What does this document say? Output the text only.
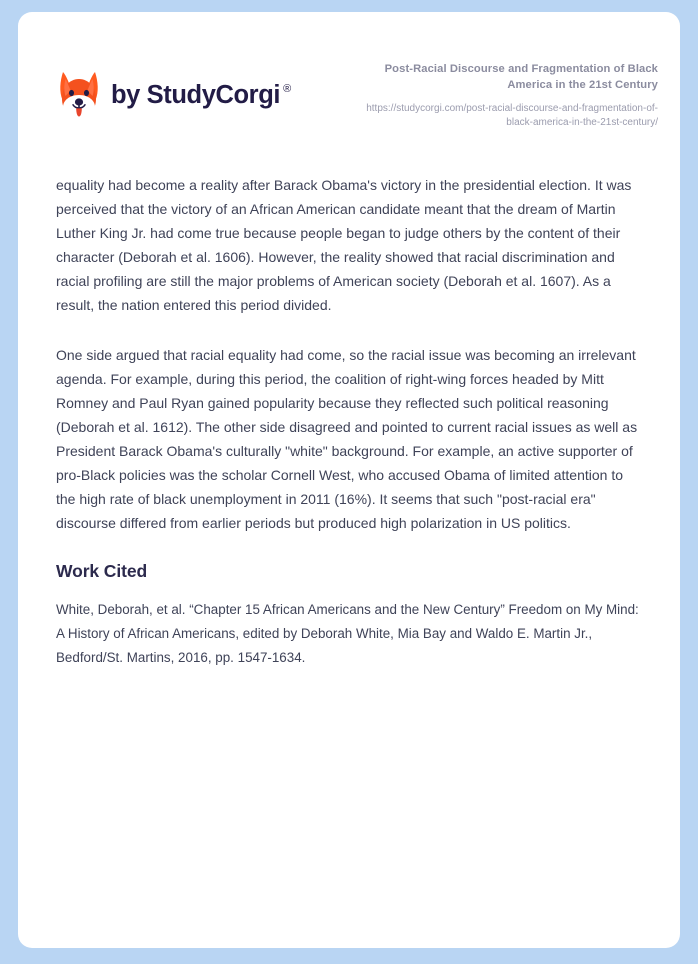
by StudyCorgi ®

Post-Racial Discourse and Fragmentation of Black America in the 21st Century

https://studycorgi.com/post-racial-discourse-and-fragmentation-of-black-america-in-the-21st-century/

equality had become a reality after Barack Obama's victory in the presidential election. It was perceived that the victory of an African American candidate meant that the dream of Martin Luther King Jr. had come true because people began to judge others by the content of their character (Deborah et al. 1606). However, the reality showed that racial discrimination and racial profiling are still the major problems of American society (Deborah et al. 1607). As a result, the nation entered this period divided.

One side argued that racial equality had come, so the racial issue was becoming an irrelevant agenda. For example, during this period, the coalition of right-wing forces headed by Mitt Romney and Paul Ryan gained popularity because they reflected such political reasoning (Deborah et al. 1612). The other side disagreed and pointed to current racial issues as well as President Barack Obama's culturally "white" background. For example, an active supporter of pro-Black policies was the scholar Cornell West, who accused Obama of limited attention to the high rate of black unemployment in 2011 (16%). It seems that such "post-racial era" discourse differed from earlier periods but produced high polarization in US politics.

Work Cited

White, Deborah, et al. “Chapter 15 African Americans and the New Century” Freedom on My Mind: A History of African Americans, edited by Deborah White, Mia Bay and Waldo E. Martin Jr., Bedford/St. Martins, 2016, pp. 1547-1634.
